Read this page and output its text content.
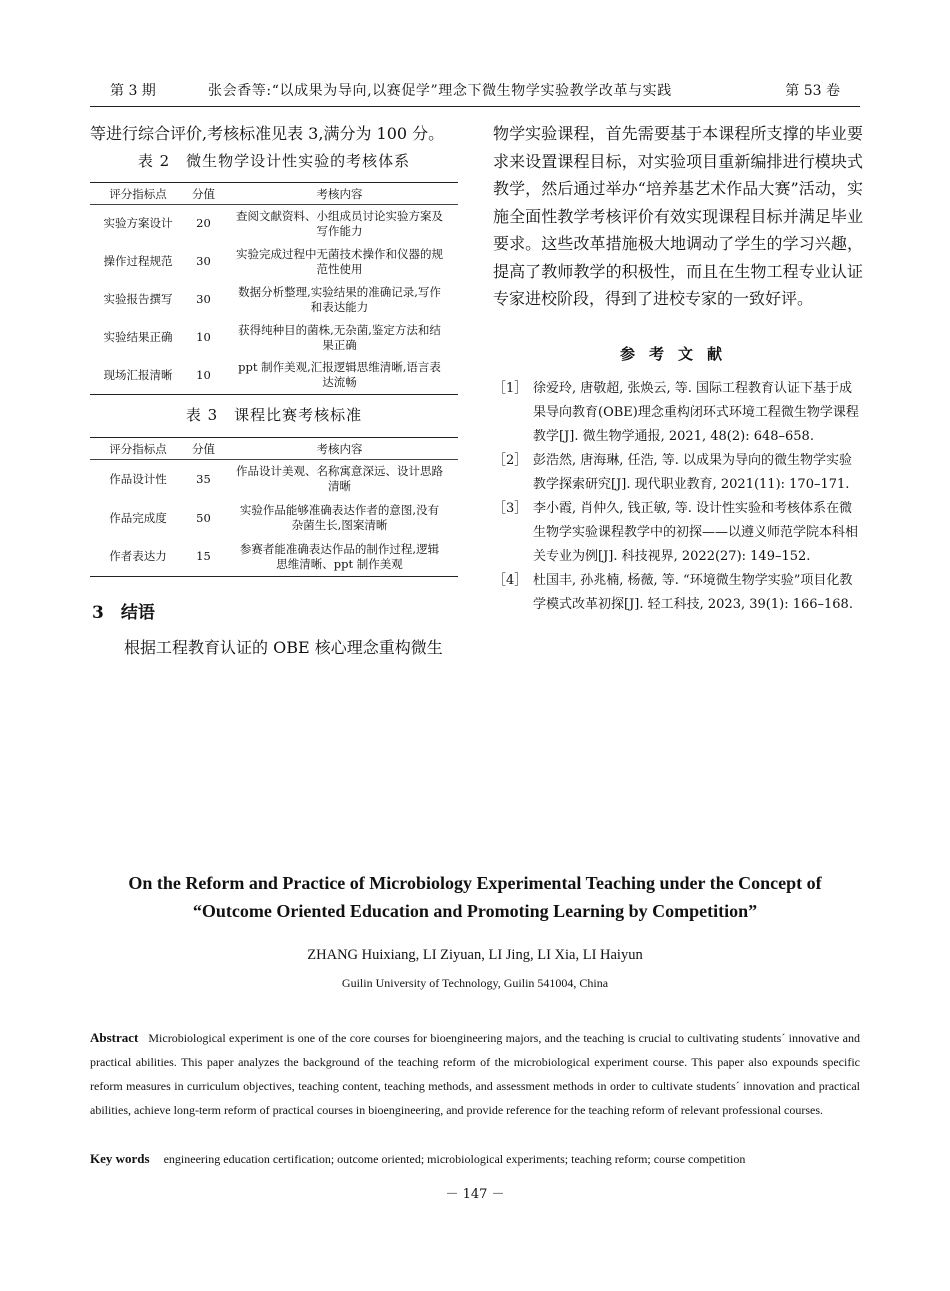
第 3 期	张会香等:“以成果为导向,以赛促学”理念下微生物学实验教学改革与实践	第 53 卷
等进行综合评价,考核标准见表 3,满分为 100 分。
表 2　微生物学设计性实验的考核体系
评分指标点	分值	考核内容
实验方案设计	20	查阅文献资料、小组成员讨论实验方案及写作能力
操作过程规范	30	实验完成过程中无菌技术操作和仪器的规范性使用
实验报告撰写	30	数据分析整理,实验结果的准确记录,写作和表达能力
实验结果正确	10	获得纯种目的菌株,无杂菌,鉴定方法和结果正确
现场汇报清晰	10	ppt 制作美观,汇报逻辑思维清晰,语言表达流畅
表 3　课程比赛考核标准
评分指标点	分值	考核内容
作品设计性	35	作品设计美观、名称寓意深远、设计思路清晰
作品完成度	50	实验作品能够准确表达作者的意图,没有杂菌生长,图案清晰
作者表达力	15	参赛者能准确表达作品的制作过程,逻辑思维清晰、ppt 制作美观
3　结语
根据工程教育认证的 OBE 核心理念重构微生
物学实验课程，首先需要基于本课程所支撑的毕业要求来设置课程目标，对实验项目重新编排进行模块式教学，然后通过举办“培养基艺术作品大赛”活动，实施全面性教学考核评价有效实现课程目标并满足毕业要求。这些改革措施极大地调动了学生的学习兴趣，提高了教师教学的积极性，而且在生物工程专业认证专家进校阶段，得到了进校专家的一致好评。
参考文献
［1］ 徐爱玲, 唐敬超, 张焕云, 等. 国际工程教育认证下基于成果导向教育(OBE)理念重构闭环式环境工程微生物学课程教学[J]. 微生物学通报, 2021, 48(2): 648–658.
［2］ 彭浩然, 唐海琳, 任浩, 等. 以成果为导向的微生物学实验教学探索研究[J]. 现代职业教育, 2021(11): 170–171.
［3］ 李小霞, 肖仲久, 钱正敏, 等. 设计性实验和考核体系在微生物学实验课程教学中的初探——以遵义师范学院本科相关专业为例[J]. 科技视界, 2022(27): 149–152.
［4］ 杜国丰, 孙兆楠, 杨薇, 等. “环境微生物学实验”项目化教学模式改革初探[J]. 轻工科技, 2023, 39(1): 166–168.
On the Reform and Practice of Microbiology Experimental Teaching under the Concept of
“Outcome Oriented Education and Promoting Learning by Competition”
ZHANG Huixiang, LI Ziyuan, LI Jing, LI Xia, LI Haiyun
Guilin University of Technology, Guilin 541004, China
Abstract Microbiological experiment is one of the core courses for bioengineering majors, and the teaching is crucial to cultivating students´ innovative and practical abilities. This paper analyzes the background of the teaching reform of the microbiological experiment course. This paper also expounds specific reform measures in curriculum objectives, teaching content, teaching methods, and assessment methods in order to cultivate students´ innovation and practical abilities, achieve long-term reform of practical courses in bioengineering, and provide reference for the teaching reform of relevant professional courses.
Key words engineering education certification; outcome oriented; microbiological experiments; teaching reform; course competition
－ 147 －
